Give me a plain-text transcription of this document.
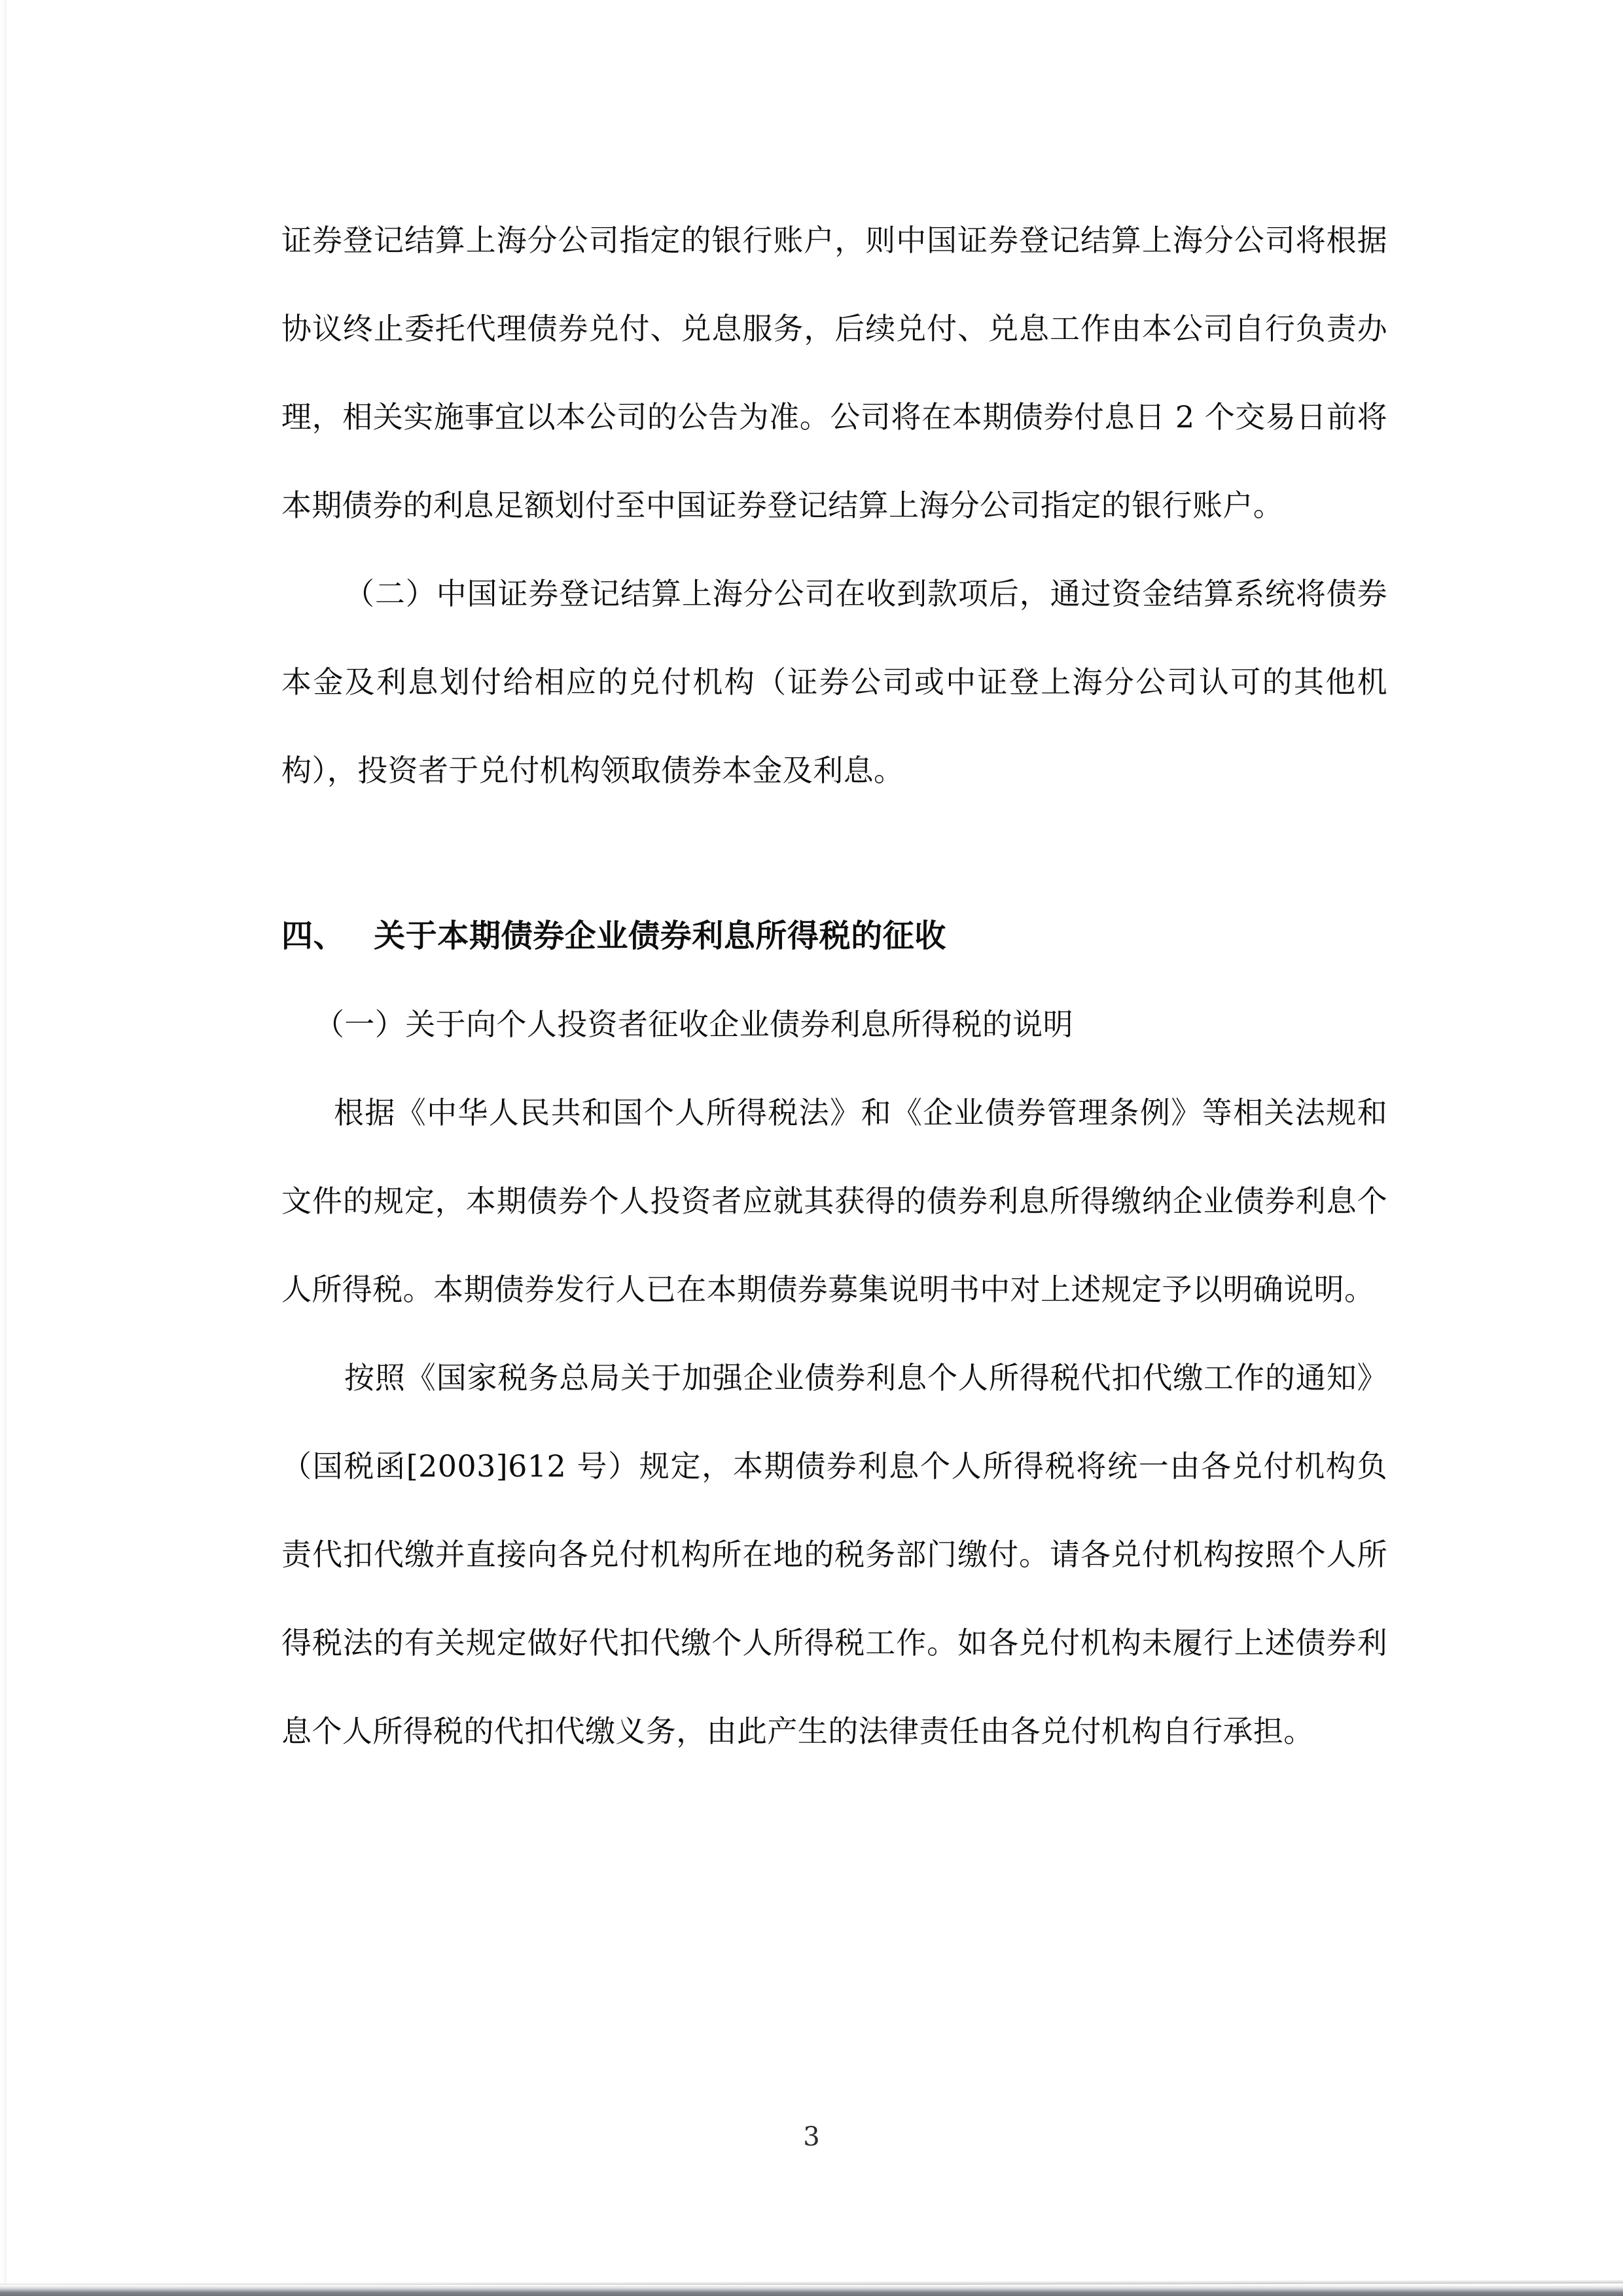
证券登记结算上海分公司指定的银行账户，则中国证券登记结算上海分公司将根据协议终止委托代理债券兑付、兑息服务，后续兑付、兑息工作由本公司自行负责办理，相关实施事宜以本公司的公告为准。公司将在本期债券付息日 2 个交易日前将本期债券的利息足额划付至中国证券登记结算上海分公司指定的银行账户。

（二）中国证券登记结算上海分公司在收到款项后，通过资金结算系统将债券本金及利息划付给相应的兑付机构（证券公司或中证登上海分公司认可的其他机构），投资者于兑付机构领取债券本金及利息。

四、 关于本期债券企业债券利息所得税的征收

（一）关于向个人投资者征收企业债券利息所得税的说明

根据《中华人民共和国个人所得税法》和《企业债券管理条例》等相关法规和文件的规定，本期债券个人投资者应就其获得的债券利息所得缴纳企业债券利息个人所得税。本期债券发行人已在本期债券募集说明书中对上述规定予以明确说明。

按照《国家税务总局关于加强企业债券利息个人所得税代扣代缴工作的通知》（国税函[2003]612 号）规定，本期债券利息个人所得税将统一由各兑付机构负责代扣代缴并直接向各兑付机构所在地的税务部门缴付。请各兑付机构按照个人所得税法的有关规定做好代扣代缴个人所得税工作。如各兑付机构未履行上述债券利息个人所得税的代扣代缴义务，由此产生的法律责任由各兑付机构自行承担。

3
